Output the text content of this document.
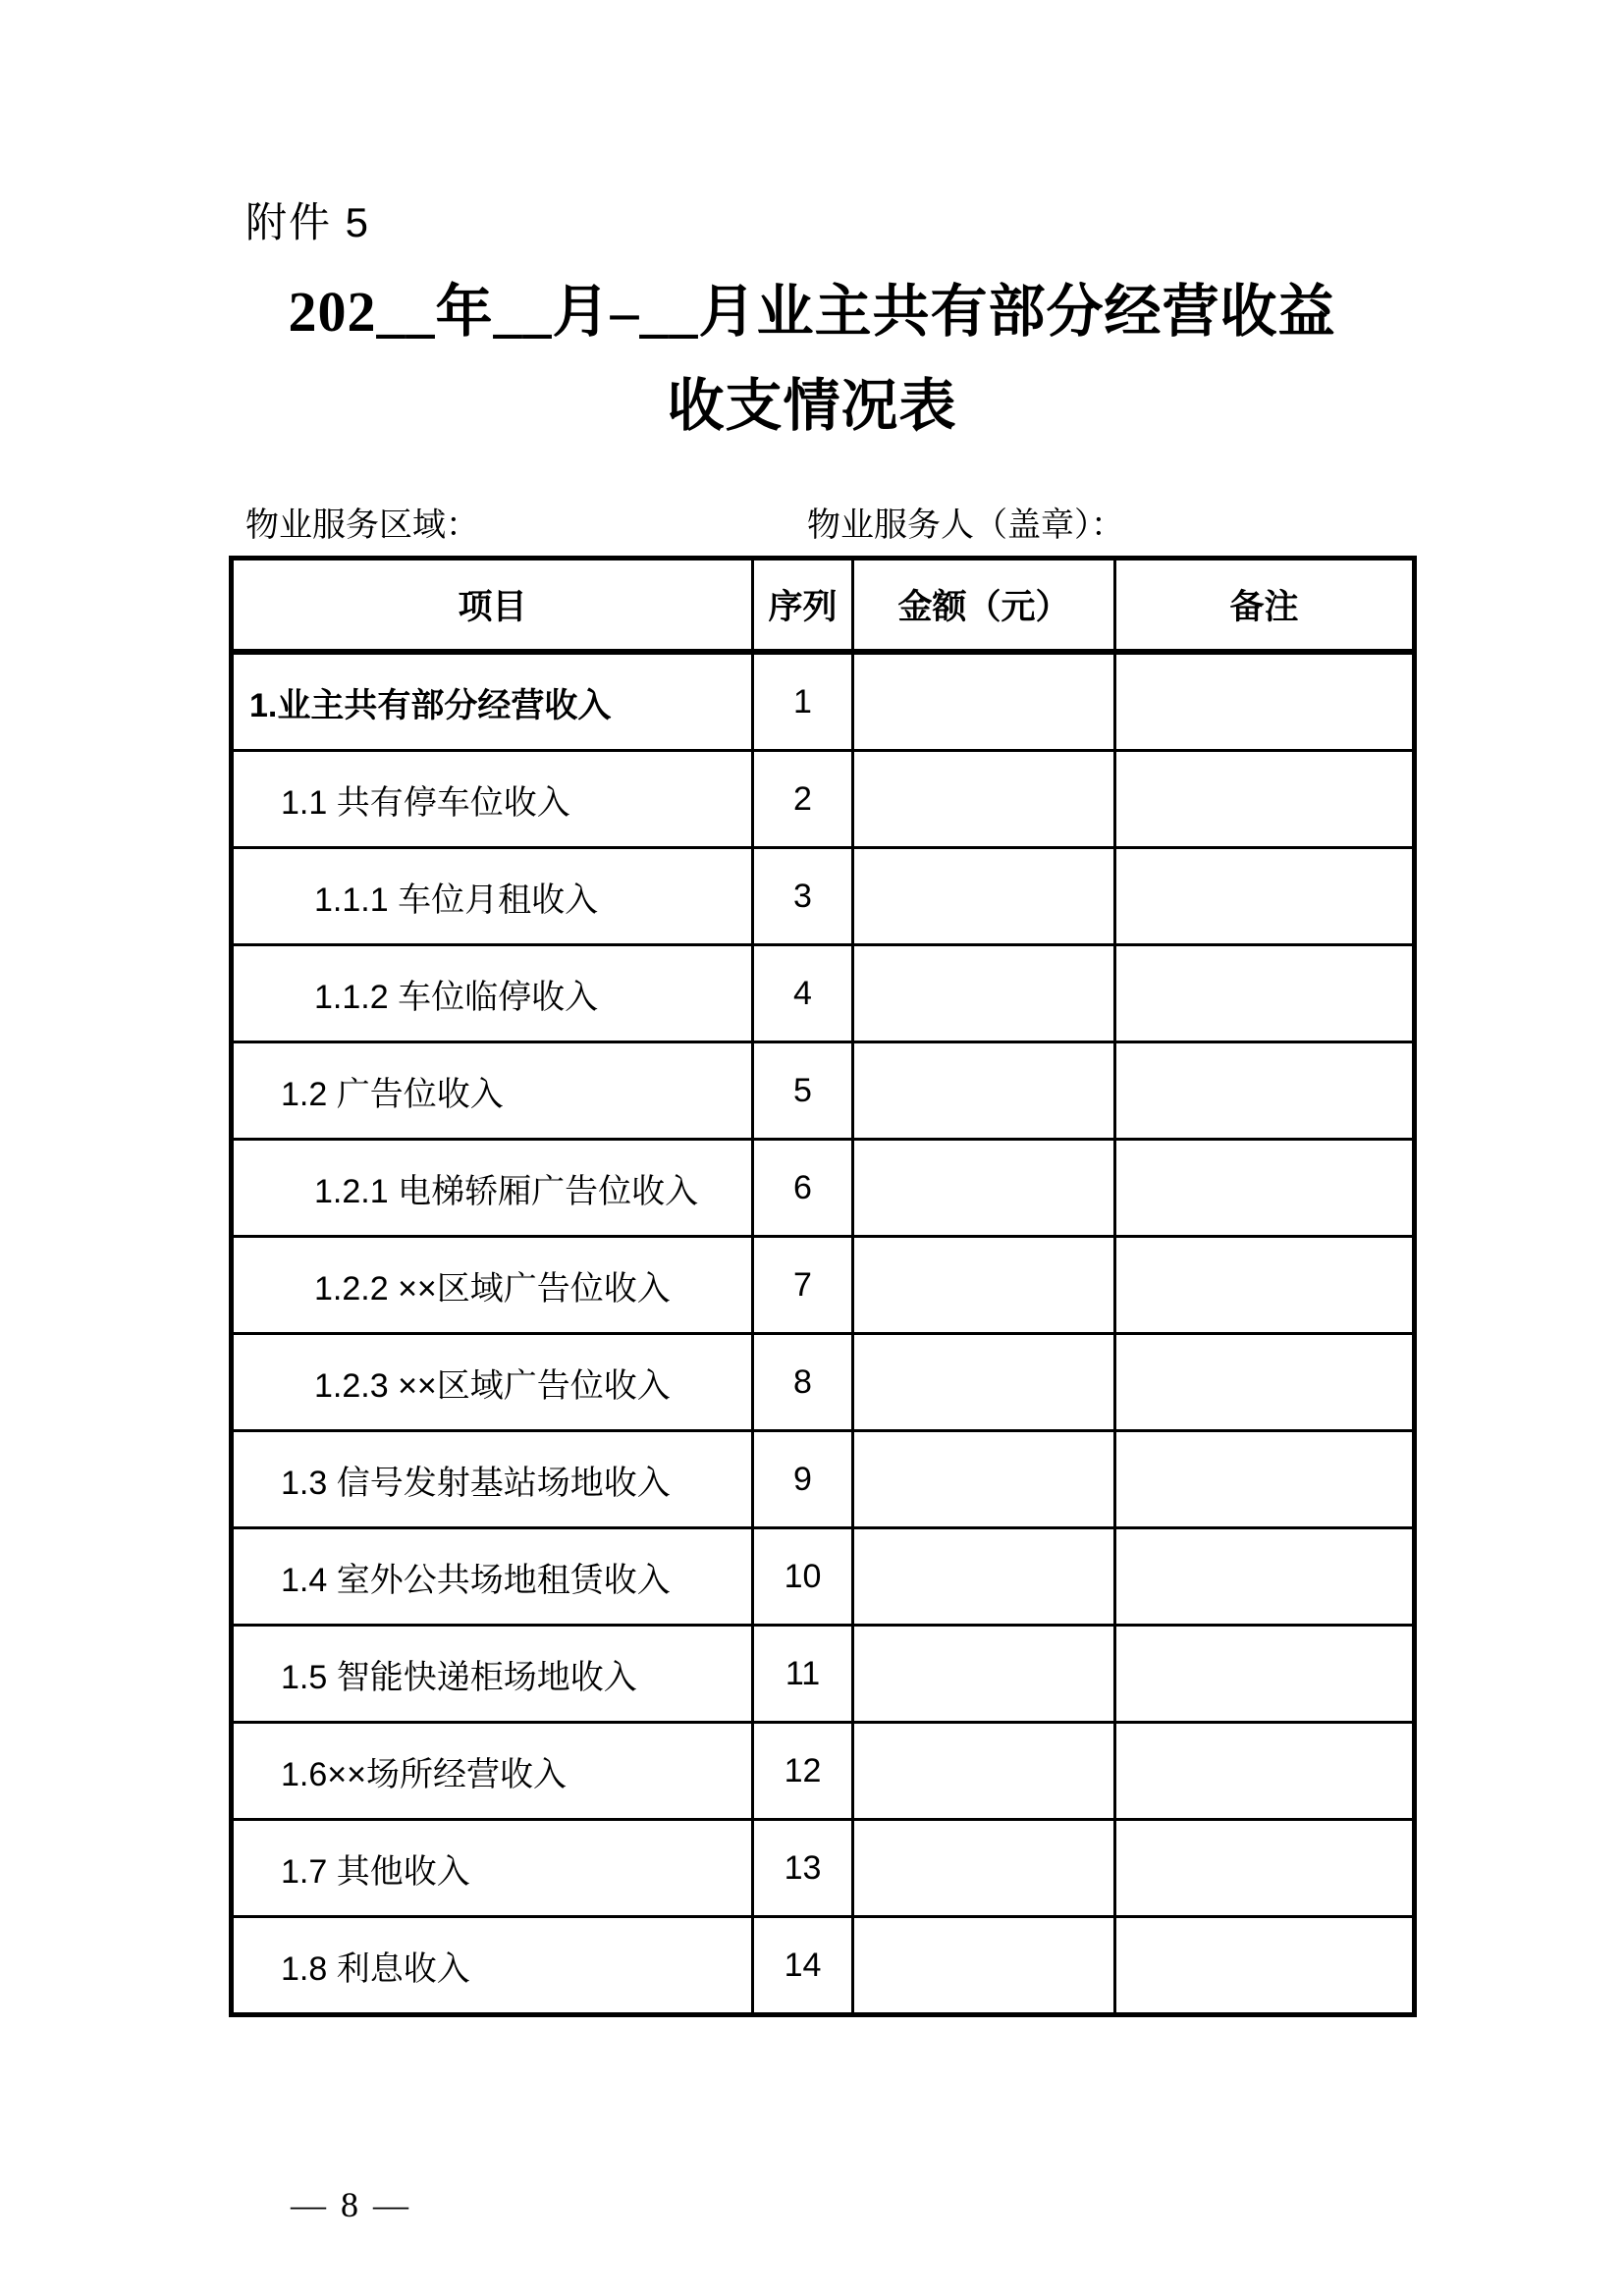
附件 5
202__年__月–__月业主共有部分经营收益
收支情况表
物业服务区域：	物业服务人（盖章）：
项目	序列	金额（元）	备注
1.业主共有部分经营收入	1		
1.1 共有停车位收入	2		
1.1.1 车位月租收入	3		
1.1.2 车位临停收入	4		
1.2 广告位收入	5		
1.2.1 电梯轿厢广告位收入	6		
1.2.2 ××区域广告位收入	7		
1.2.3 ××区域广告位收入	8		
1.3 信号发射基站场地收入	9		
1.4 室外公共场地租赁收入	10		
1.5 智能快递柜场地收入	11		
1.6××场所经营收入	12		
1.7 其他收入	13		
1.8 利息收入	14		
— 8 —
